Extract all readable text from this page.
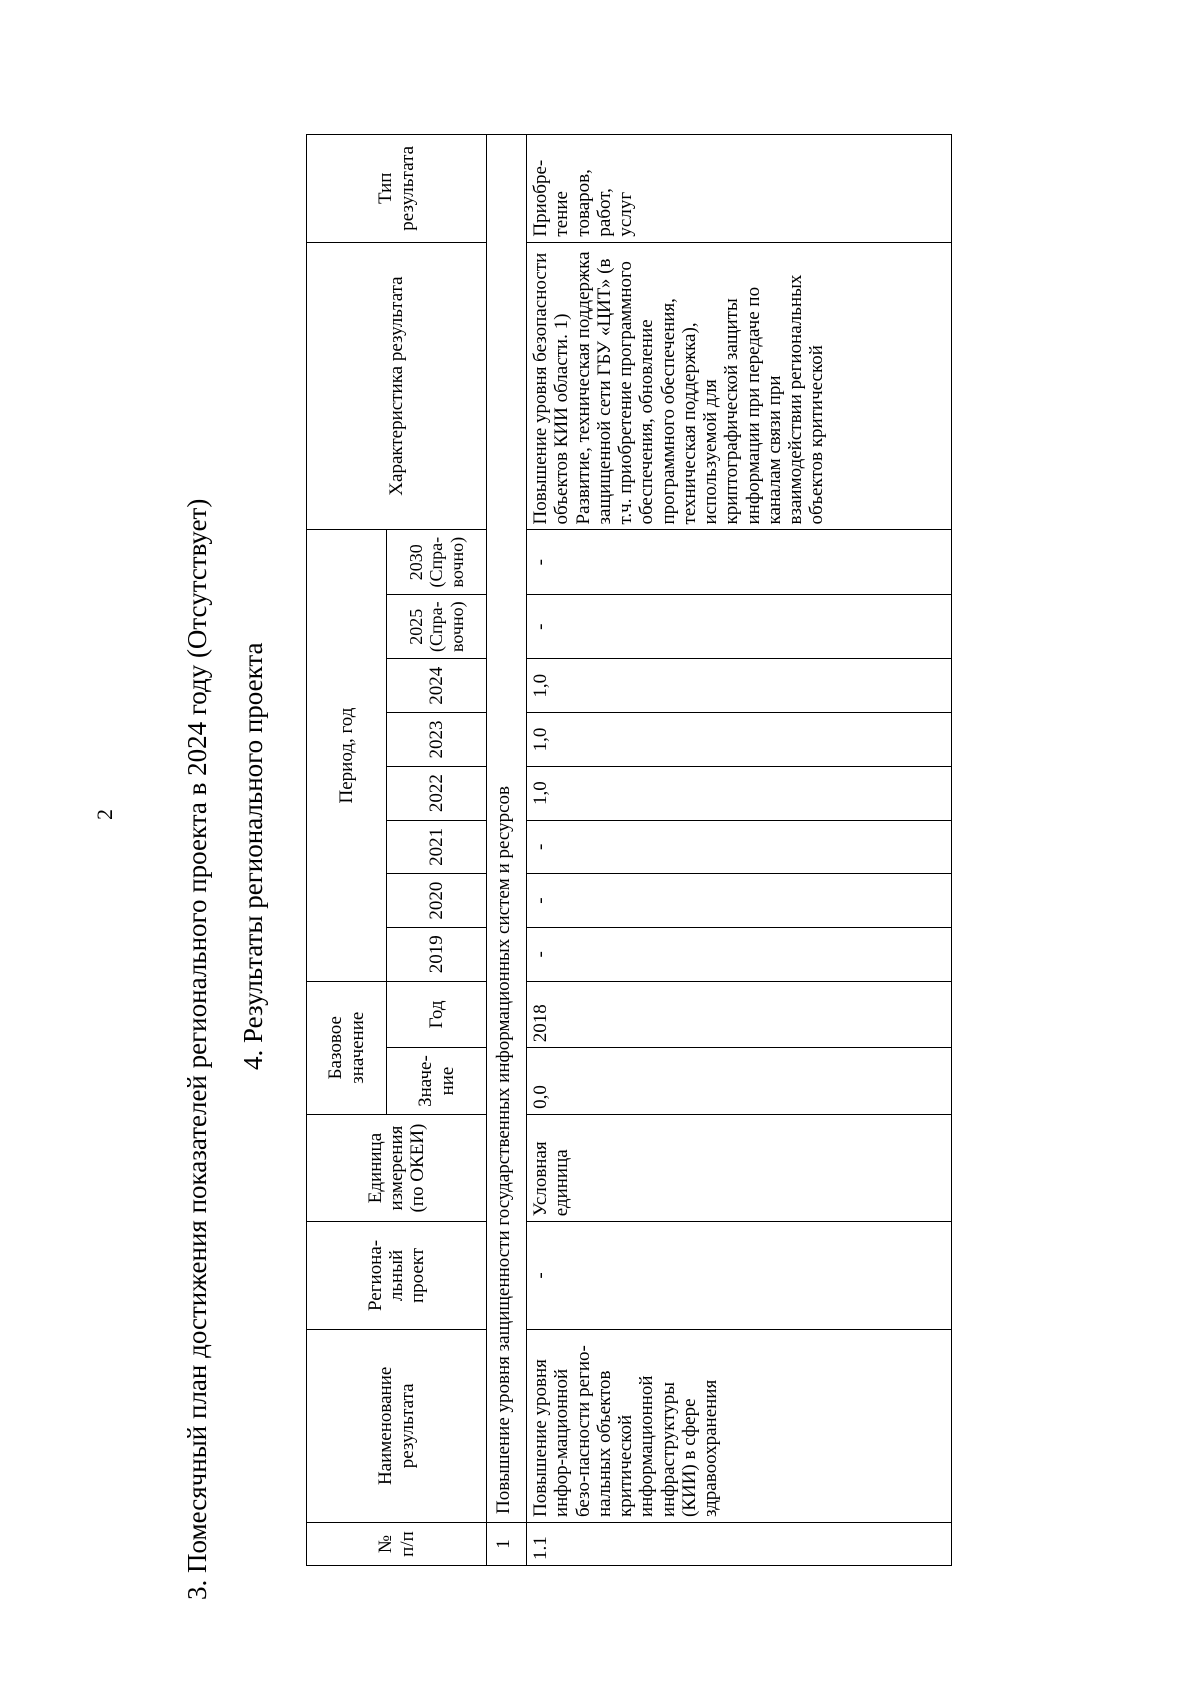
2 3. Помесячный план достижения показателей регионального проекта в 2024 году (Отсутствует) 4. Результаты регионального проекта
№ п/п	Наименование результата	Региона-льный проект	Единица измерения (по ОКЕИ)	Базовое значение		Период, год								Характеристика результата	Тип результата
				Значе-ние	Год	2019	2020	2021	2022	2023	2024	2025 (Спра-вочно)	2030 (Спра-вочно)		
1	Повышение уровня защищенности государственных информационных систем и ресурсов														
1.1	Повышение уровня инфор-мационной безо-пасности регио-нальных объектов критической информационной инфраструктуры (КИИ) в сфере здравоохранения	-	Условная единица	0,0	2018	-	-	-	1,0	1,0	1,0	-	-	Повышение уровня безопасности объектов КИИ области. 1) Развитие, техническая поддержка защищенной сети ГБУ «ЦИТ» (в т.ч. приобретение программного обеспечения, обновление программного обеспечения, техническая поддержка), используемой для криптографической защиты информации при передаче по каналам связи при взаимодействии региональных объектов критической	Приобре-тение товаров, работ, услуг
